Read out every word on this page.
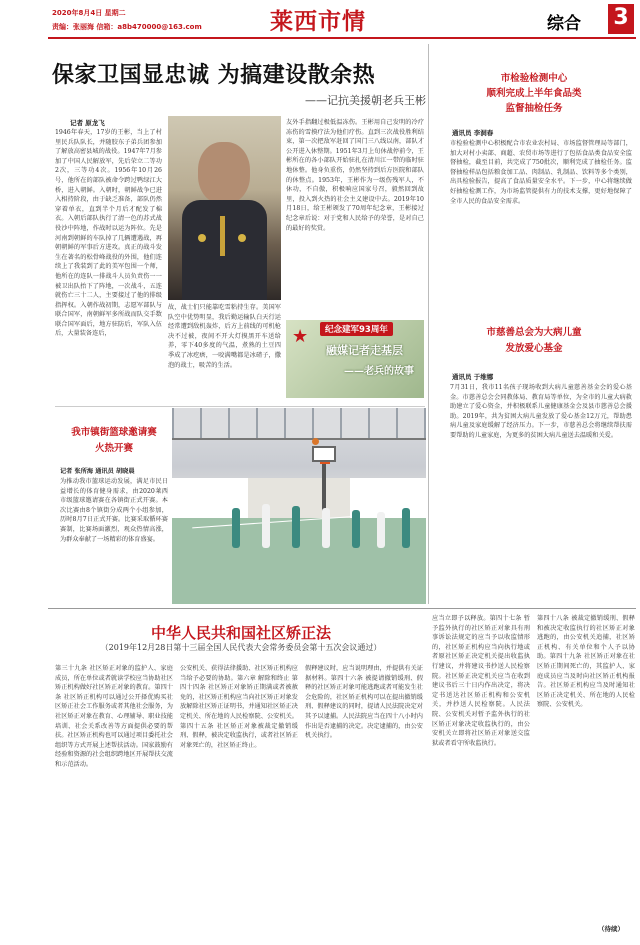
2020年8月4日 星期二
责编：张丽海 信箱：a8b470000@163.com	莱西市情	综合 3
保家卫国显忠诚 为搞建设散余热
——记抗美援朝老兵王彬
记者 原龙飞
1946年春天，17岁的王彬，当上了村里民兵队队长，并随胶东子弟兵团参加了解放高密县城的战役。1947年7月参加了中国人民解放军，先后荣立二等功2次，三等功4次。1956年10月26号，他所在的部队被命令跨过鸭绿江大桥，进入朝鲜。入朝时，朝鲜战争已进入相持阶段，由于缺乏准备，部队仍然穿着单衣，直到半个月后才配发了棉衣。入朝后部队执行了清一色的苏式战役沙中阵地，作战时以运为阵位。先是河南到朝鲜的车队掉了几辆遭遇战，再朝朝鲜的军事后方进攻。真正的战斗发生在著名的松骨峰战役的外围，他们连续上了我装到了此的美军包围一个师，他所在的连队一排战斗人员负责伤一一被卫出队抬下了阵地，一次战斗，五连就伤亡三十二人，主要接过了他的排级指挥权。入朝作战初期，志愿军部队与联合国军，南朝鲜军多所战而队交手数联合国军面后，地方驻防后，军队入伍后，大量装备连后，
故，战士们只能靠吃雪粘持生存。美国军队空中优势明显，我后勤运输队白天行运经常遭到敌机轰炸，后方上前线的可机枪决不过被，夜间不开大灯摸黑开车送给养，零下40多度的气温，煮熟的土豆四季成了冰疙瘩，一咬满嘴都是冰碴子，撒泡的战士，吸苦的生活。
友外手指翻过极低温冻伤。王彬用自己发明的冷疗冻伤的雪摸疗法为他们疗伤。直到三次战役胜利结束，第一次把敌军赶回了国门三八线以南，部队才公开进入休整期。1951年3月上旬休战停前令，王彬所在的各小部队开始驻扎在清川江一带的临时驻地休整。他身负重伤，仍然坚持到后方医院和部队的休整点。1953年，王彬作为一级伤残军人，不休功，不自傲，积极响应国家号召，毅然回到故里，投入到火热的社会主义建设中去。2019年10月18日，给王彬颁发了70周年纪念章，王彬接过纪念章后说：对于党和人民给予的荣誉，是对自己的最好的奖赏。
纪念建军93周年
融媒记者走基层
——老兵的故事
★
市检验检测中心
顺利完成上半年食品类
监督抽检任务
通讯员 李洞春
市检验检测中心积极配合市农业农村局、市场监督管理局等部门，加大对村小卖部、商超、农贸市场等进行了包括食品类食品安全监督抽检，截至目前，共完成了750批次，顺利完成了抽检任务。监督抽检样品包括粮食加工品、肉制品、乳制品、饮料等多个类别，出具检验报告，提高了食品质量安全水平。下一步，中心将继续做好抽检检测工作，为市场监管提供有力的技术支撑，更好地保障了全市人民的食品安全需求。
市慈善总会为大病儿童
发放爱心基金
通讯员 于维娜
7月31日，我市11名孩子现场收到大病儿童慈善基金会的爱心基金。市慈善总会会同教体局、教育局等单位，为全市的儿童大病救助建立了爱心资金，并积极联系儿童健康基金会及县市慈善总会援助。2019年，共为贫困大病儿童发放了爱心基金12万元，帮助患病儿童及家庭缓解了经济压力。下一步，市慈善总会将继续帮扶需要帮助的儿童家庭，为更多的贫困大病儿童送去温暖和关爱。
我市镇街篮球邀请赛
火热开赛
记者 张所海 通讯员 胡晓晨
为推动我市篮球运动发展，满足市民日益增长的体育健身需求，由2020莱西市级篮球邀请赛在各镇街正式开赛。本次比赛由8个镇街分成两个小组参加，历时8月7日正式开赛。比赛采取循环赛赛制，比赛场面激烈，观众热情高涨，为群众奉献了一场精彩的体育盛宴。
中华人民共和国社区矫正法
（2019年12月28日第十三届全国人民代表大会常务委员会第十五次会议通过）
第三十九条 社区矫正对象的监护人、家庭成员，所在单位或者就读学校应当协助社区矫正机构做好社区矫正对象的教育。第四十条 社区矫正机构可以通过公开择优购买社区矫正社会工作服务或者其他社会服务，为社区矫正对象在教育、心理辅导、职业技能培训、社会关系改善等方面提供必要的帮扶。社区矫正机构也可以通过项目委托社会组织等方式开展上述帮扶活动。国家鼓励有经验和资源的社会组织跨地区开展帮扶交流和示范活动。
公安机关、获得法律援助、社区矫正机构应当给予必要的协助。第六章 解除和终止 第四十四条 社区矫正对象矫正期满或者被赦免的，社区矫正机构应当向社区矫正对象发放解除社区矫正证明书，并通知社区矫正决定机关、所在地的人民检察院、公安机关。第四十五条 社区矫正对象被裁定撤销缓刑、假释，被决定收监执行，或者社区矫正对象死亡的，社区矫正终止。
假释建议时，应当说明理由，并提供有关证据材料。第四十六条 被提请撤销缓刑、假释的社区矫正对象可能逃跑或者可能发生社会危险的，社区矫正机构可以在提出撤销缓刑、假释建议的同时，提请人民法院决定对其予以逮捕。人民法院应当在四十八小时内作出是否逮捕的决定。决定逮捕的，由公安机关执行。
应当立即予以释放。第四十七条 暂予监外执行的社区矫正对象具有刑事诉讼法规定的应当予以收监情形的，社区矫正机构应当向执行地或者原社区矫正决定机关提出收监执行建议，并将建议书抄送人民检察院。社区矫正决定机关应当在收到建议书后三十日内作出决定，将决定书送达社区矫正机构和公安机关，并抄送人民检察院。人民法院、公安机关对暂予监外执行的社区矫正对象决定收监执行的，由公安机关立即将社区矫正对象送交监狱或者看守所收监执行。
第四十八条 被裁定撤销缓刑、假释和被决定收监执行的社区矫正对象逃跑的，由公安机关追捕，社区矫正机构、有关单位和个人予以协助。第四十九条 社区矫正对象在社区矫正期间死亡的，其监护人、家庭成员应当及时向社区矫正机构报告。社区矫正机构应当及时通知社区矫正决定机关、所在地的人民检察院、公安机关。
（待续）
